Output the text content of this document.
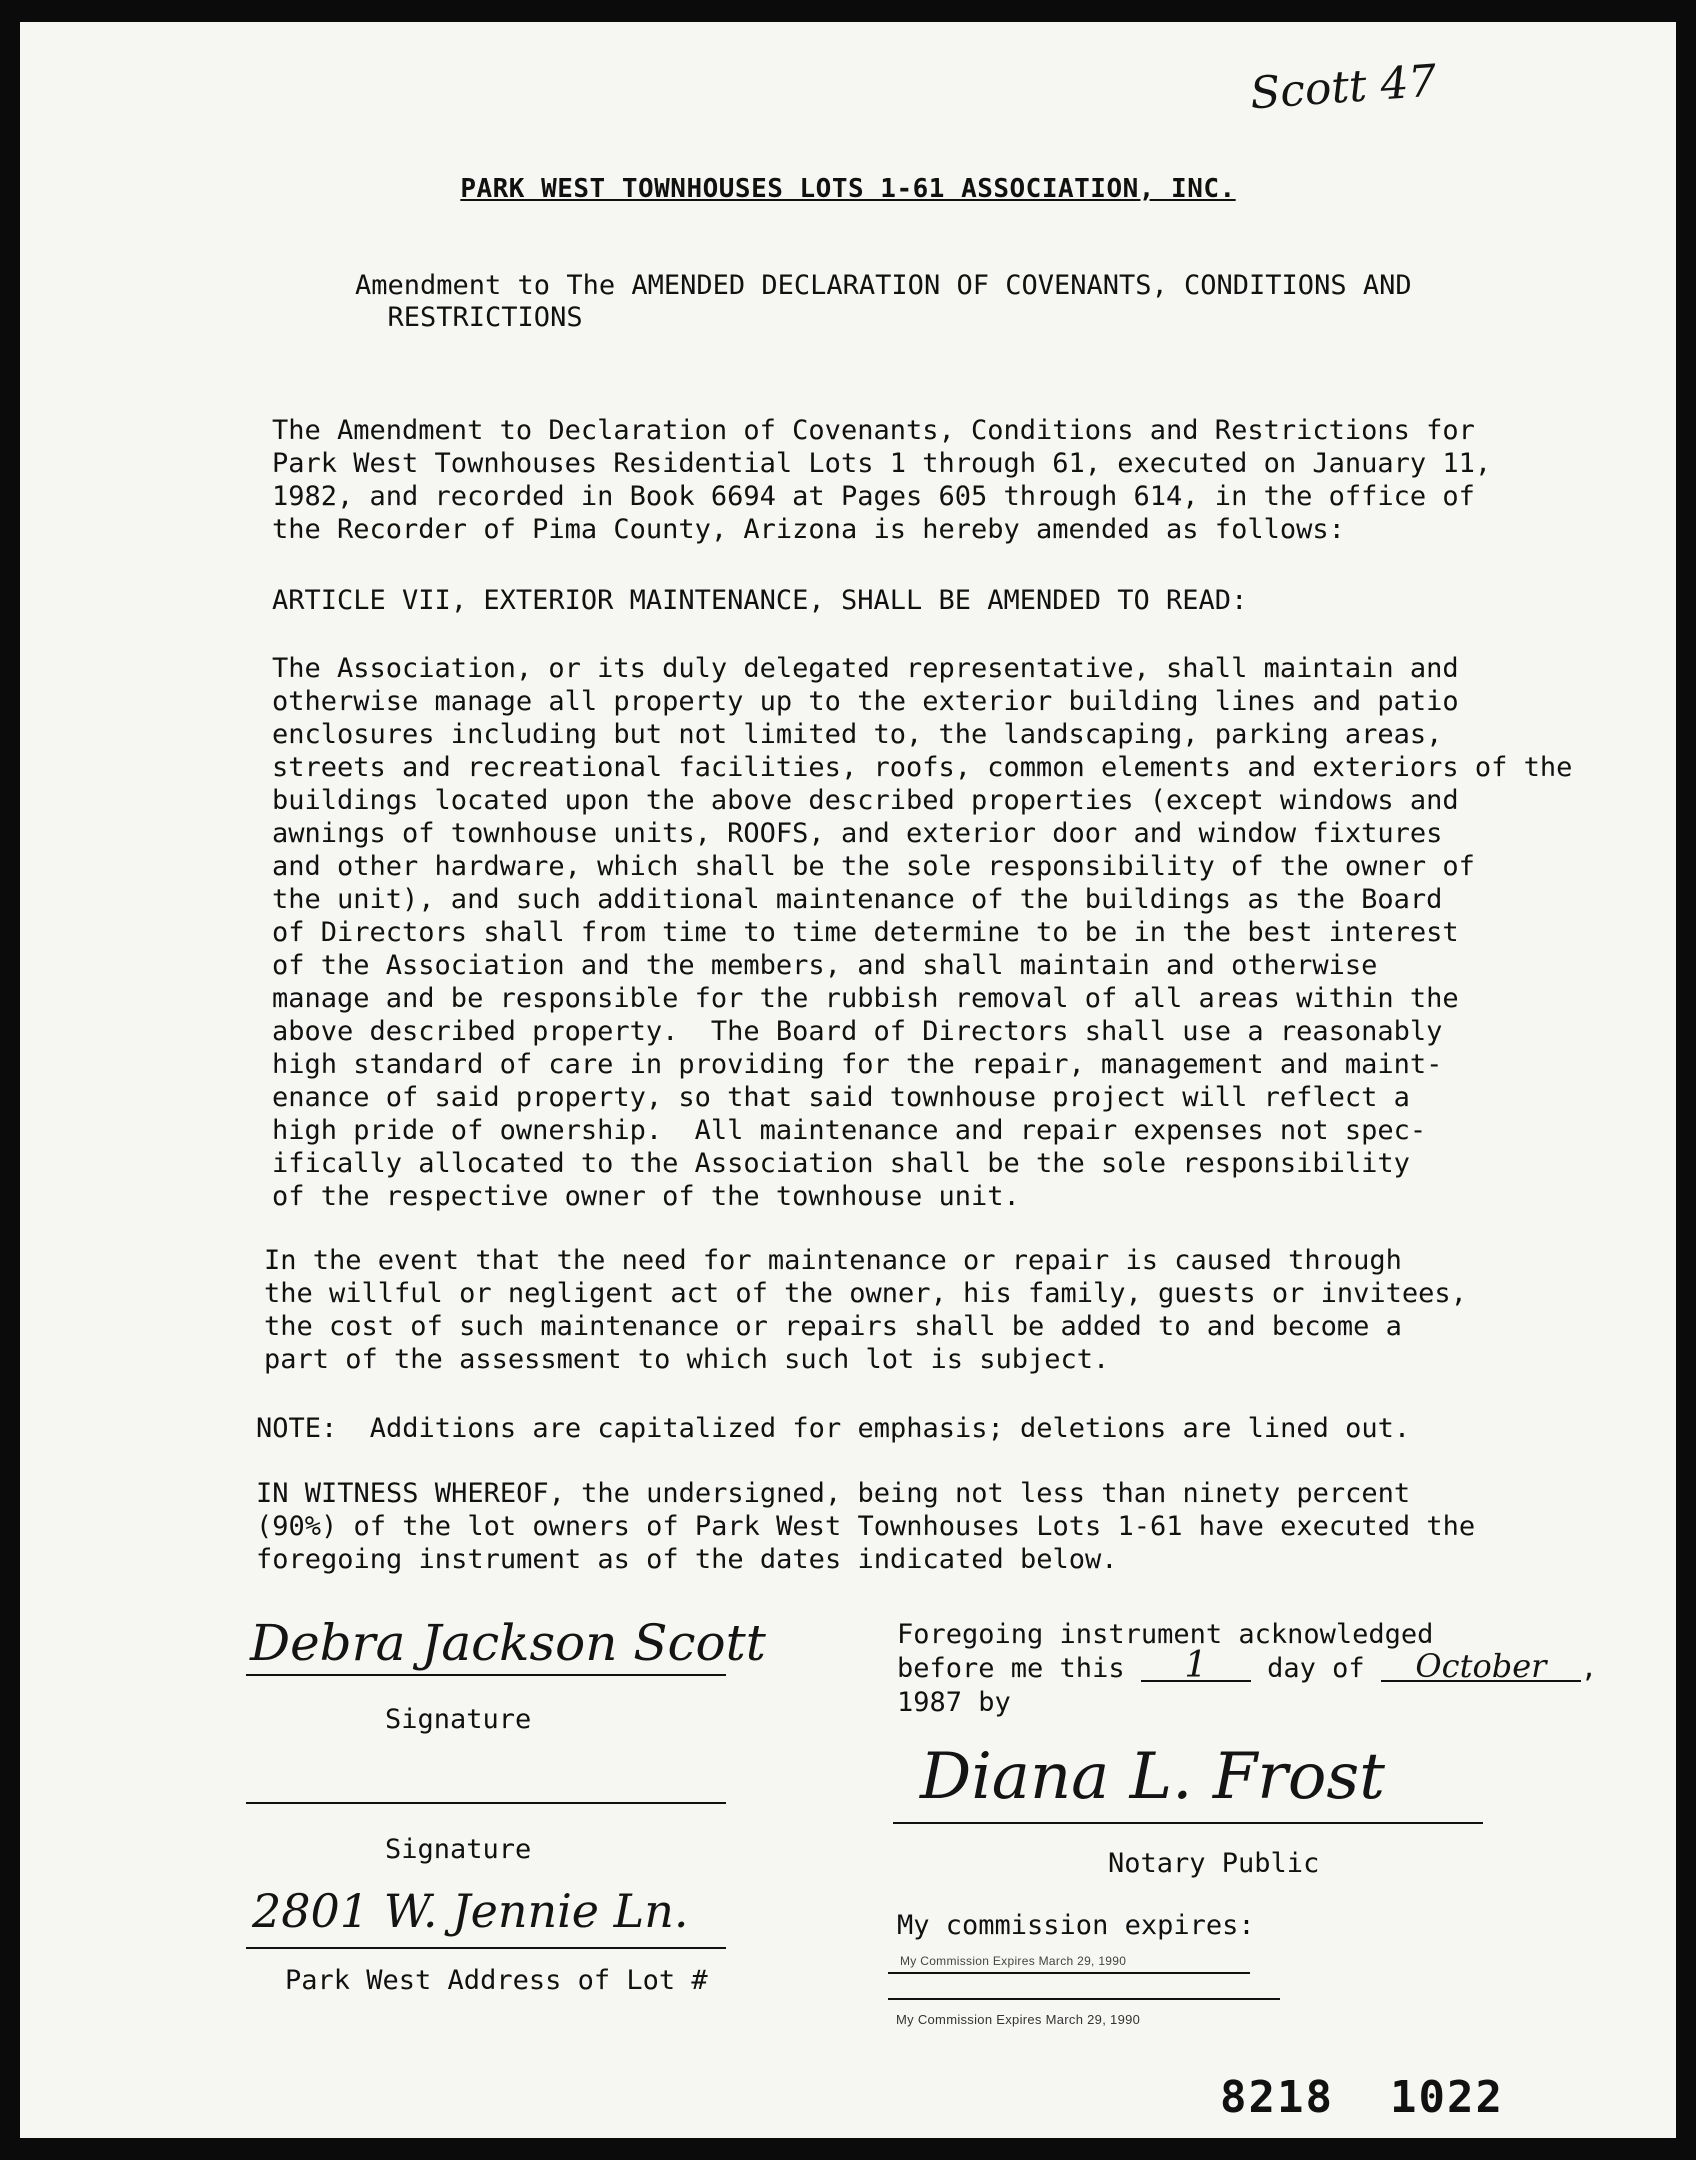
Scott 47
PARK WEST TOWNHOUSES LOTS 1-61 ASSOCIATION, INC.
Amendment to The AMENDED DECLARATION OF COVENANTS, CONDITIONS AND
RESTRICTIONS
The Amendment to Declaration of Covenants, Conditions and Restrictions for
Park West Townhouses Residential Lots 1 through 61, executed on January 11,
1982, and recorded in Book 6694 at Pages 605 through 614, in the office of
the Recorder of Pima County, Arizona is hereby amended as follows:
ARTICLE VII, EXTERIOR MAINTENANCE, SHALL BE AMENDED TO READ:
The Association, or its duly delegated representative, shall maintain and
otherwise manage all property up to the exterior building lines and patio
enclosures including but not limited to, the landscaping, parking areas,
streets and recreational facilities, roofs, common elements and exteriors of the
buildings located upon the above described properties (except windows and
awnings of townhouse units, ROOFS, and exterior door and window fixtures
and other hardware, which shall be the sole responsibility of the owner of
the unit), and such additional maintenance of the buildings as the Board
of Directors shall from time to time determine to be in the best interest
of the Association and the members, and shall maintain and otherwise
manage and be responsible for the rubbish removal of all areas within the
above described property.  The Board of Directors shall use a reasonably
high standard of care in providing for the repair, management and maint-
enance of said property, so that said townhouse project will reflect a
high pride of ownership.  All maintenance and repair expenses not spec-
ifically allocated to the Association shall be the sole responsibility
of the respective owner of the townhouse unit.
In the event that the need for maintenance or repair is caused through
the willful or negligent act of the owner, his family, guests or invitees,
the cost of such maintenance or repairs shall be added to and become a
part of the assessment to which such lot is subject.
NOTE:  Additions are capitalized for emphasis; deletions are lined out.
IN WITNESS WHEREOF, the undersigned, being not less than ninety percent
(90%) of the lot owners of Park West Townhouses Lots 1-61 have executed the
foregoing instrument as of the dates indicated below.
Debra Jackson Scott
Signature
Signature
2801 W. Jennie Ln.
Park West Address of Lot #
Foregoing instrument acknowledged
before me this 1 day of October ,
1987 by
Diana L. Frost
Notary Public
My commission expires:
My Commission Expires March 29, 1990
My Commission Expires March 29, 1990
8218 1022
